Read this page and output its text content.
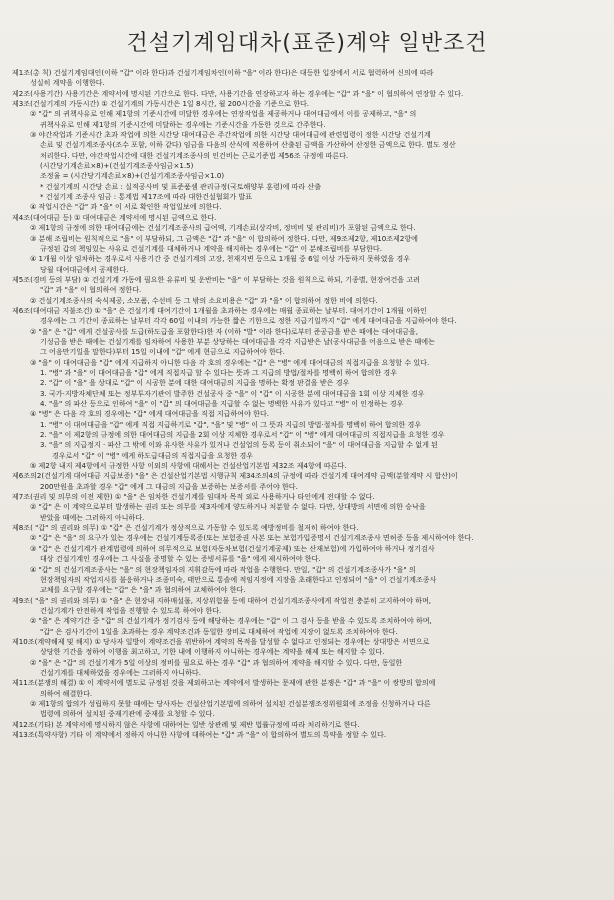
건설기계임대차(표준)계약 일반조건
제1조(총 칙) 건설기계임대인(이하 "갑" 이라 한다)과 건설기계임차인(이하 "을" 이라 한다)은 대등한 입장에서 서로 협력하여 신의에 따라
성실히 계약을 이행한다.
제2조(사용기간) 사용기간은 계약서에 명시된 기간으로 한다. 다만, 사용기간을 연장하고자 하는 경우에는 "갑" 과 "을" 이 협의하여 연장할 수 있다.
제3조(건설기계의 가동시간) ① 건설기계의 가동시간은 1일 8시간, 월 200시간을 기준으로 한다.
② "갑" 의 귀책사유로 인해 제1항의 기준시간에 미달한 경우에는 연장작업을 제공하거나 대여대금에서 이를 공제하고, "을" 의
귀책사유로 인해 제1항의 기준시간에 미달하는 경우에는 기준시간을 가동한 것으로 간주한다.
③ 야간작업과 기준시간 초과 작업에 의한 시간당 대여대금은 주간작업에 의한 시간당 대여대금에 관련법령이 정한 시간당 건설기계
손료 및 건설기계조종사(조수 포함, 이하 같다) 임금을 다음의 산식에 적용하여 산출된 금액을 가산하여 산정한 금액으로 한다. 별도 정산
처리한다. 다만, 야간작업시간에 대한 건설기계조종사의 인건비는 근로기준법 제56조 규정에 따른다.
(시간당기계손료×8)+(건설기계조종사임금×1.5)
조정율 = (시간당기계손료×8)+(건설기계조종사임금×1.0)
* 건설기계의 시간당 손료 : 실적공사비 및 표준품셈 관리규정(국토해양부 훈령)에 따라 산출
* 건설기계 조종사 임금 : 통계법 제17조에 따라 대한건설협회가 발표
④ 작업시간은 "갑" 과 "을" 이 서로 확인한 작업일보에 의한다.
제4조(대여대금 등) ① 대여대금은 계약서에 명시된 금액으로 한다.
② 제1항의 규정에 의한 대여대금에는 건설기계조종사의 급여액, 기계손료(상각비, 정비비 및 관리비)가 포함된 금액으로 한다.
③ 분해 조립비는 원칙적으로 "을" 이 부담하되, 그 금액은 "갑" 과 "을" 이 합의하여 정한다. 다만, 제9조제2항, 제10조제2항에
규정된 갑의 책임있는 사유로 건설기계를 대체하거나 계약을 해지하는 경우에는 "갑" 이 분해조립비를 부담한다.
④ 1개월 이상 임차하는 경우로서 사용기간 중 건설기계의 고장, 천재지변 등으로 1개월 중 6일 이상 가동하지 못하였을 경우
당월 대여대금에서 공제한다.
제5조(경비 등의 부담) ① 건설기계 가동에 필요한 유류비 및 운반비는 "을" 이 부담하는 것을 원칙으로 하되, 기종별, 현장여건을 고려
"갑" 과 "을" 이 협의하여 정한다.
② 건설기계조종사의 숙식제공, 소모품, 수선비 등 그 밖의 소요비용은 "갑" 과 "을" 이 합의하여 정한 비에 의한다.
제6조(대여대금 지불조건) ① "을" 은 건설기계 대여기간이 1개월을 초과하는 경우에는 매월 종료하는 날부터. 대여기간이 1개월 이하인
경우에는 그 기간이 종료하는 날부터 각각 60일 이내의 가능한 짧은 기한으로 정한 지급기일까지 "갑" 에게 대여대금을 지급하여야 한다.
② "을" 은 "갑" 에게 건설공사를 도급(하도급을 포함한다)한 자 (이하 "발" 이라 한다)로부터 준공금을 받은 때에는 대여대금을,
기성금을 받은 때에는 건설기계를 임차하여 사용한 부분 상당하는 대여대금을 각각 지급받은 날(공사대금을 어음으로 받은 때에는
그 어음만기일을 말한다)부터 15일 이내에 "갑" 에게 현금으로 지급하여야 한다.
③ "을" 이 대여대금을 "갑" 에게 지급하지 아니한 다음 각 호의 경우에는 "갑" 은 "병" 에게 대여대금의 직접지급을 요청할 수 있다.
1. "병" 과 "을" 이 대여대금을 "갑" 에게 직접지급 할 수 있다는 뜻과 그 지급의 방법/절차를 명백히 하여 합의한 경우
2. "갑" 이 "을" 을 상대로 "갑" 이 시공한 분에 대한 대여대금의 지급을 명하는 확정 판결을 받은 경우
3. 국가·지방자체단체 또는 정부투자기관이 발주한 건설공사 중 "을" 이 "갑" 이 시공한 분에 대여대금을 1회 이상 지체한 경우
4. "을" 의 파산 등으로 인하여 "을" 이 "갑" 의 대여대금을 지급할 수 없는 명백한 사유가 있다고 "병" 이 인정하는 경우
④ "병" 은 다음 각 호의 경우에는 "갑" 에게 대여대금을 직접 지급하여야 한다.
1. "병" 이 대여대금을 "갑" 에게 직접 지급하기로 "갑", "을" 및 "병" 이 그 뜻과 지급의 방법·절차를 명백히 하여 합의한 경우
2. "을" 이 제2항의 규정에 의한 대여대금의 지급을 2회 이상 지체한 경우로서 "갑" 이 "병" 에게 대여대금의 직접지급을 요청한 경우
3. "을" 의 지급정지 · 파산 그 밖에 이와 유사한 사유가 있거나 건설업의 등록 등이 취소되어 "을" 이 대여대금을 지급할 수 없게 된
경우로서 "갑" 이 "병" 에게 하도급대금의 직접지급을 요청한 경우
⑤ 제2항 내지 제4항에서 규정한 사항 이외의 사항에 대해서는 건설산업기본법 제32조 제4항에 따른다.
제6조의2(건설기계 대여대금 지급보증) "을" 은 건설산업기본법 시행규칙 제34조의4의 규정에 따라 건설기계 대여계약 금액(분할계약 시 합산)이
200만원을 초과할 경우 "갑" 에게 그 대금의 지급을 보증하는 보증서를 주어야 한다.
제7조(권리 및 의무의 이전 제한) ① "을" 은 임차한 건설기계를 임대차 목적 외로 사용하거나 타인에게 전대할 수 없다.
② "갑" 은 이 계약으로부터 발생하는 권리 또는 의무를 제3자에게 양도하거나 처분할 수 없다. 다만, 상대방의 서면에 의한 승낙을
받았을 때에는 그러하지 아니하다.
제8조( "갑" 의 권리와 의무) ① "갑" 은 건설기계가 정상적으로 가동할 수 있도록 예방정비를 철저히 하여야 한다.
② "갑" 은 "을" 의 요구가 있는 경우에는 건설기계등록증(또는 보험증권 사본 또는 보험가입증명서 건설기계조종사 면허증 등을 제시하여야 한다.
③ "갑" 은 건설기계가 관계법령에 의하여 의무적으로 보험(자동차보험(건설기계공제) 또는 산재보험)에 가입하여야 하거나 정기검사
대상 건설기계인 경우에는 그 사실을 증명할 수 있는 증빙서류를 "을" 에게 제시하여야 한다.
④ "갑" 의 건설기계조종사는 "을" 의 현장책임자의 지휘감독에 따라 작업을 수행한다. 만일, "갑" 의 건설기계조종사가 "을" 의
현장책임자의 작업지시를 불응하거나 조종미숙, 태만으로 통솔에 적임지정에 지장을 초래한다고 인정되어 "을" 이 건설기계조종사
교체를 요구할 경우에는 "갑" 은 "을" 과 협의하여 교체하여야 한다.
제9조( "을" 의 권리와 의무) ① "을" 은 현장내 지하매설물, 지상위험물 등에 대하여 건설기계조종사에게 작업전 충분히 고지하여야 하며,
건설기계가 안전하게 작업을 진행할 수 있도록 하여야 한다.
② "을" 은 계약기간 중 "갑" 의 건설기계가 정기검사 등에 해당하는 경우에는 "갑" 이 그 검사 등을 받을 수 있도록 조치하여야 하며,
"갑" 은 검사기간이 1일을 초과하는 경우 계약조건과 동일한 장비로 대체하여 작업에 지장이 없도록 조치하여야 한다.
제10조(계약해제 및 해지) ① 당사자 일방이 계약조건을 위반하여 계약의 목적을 달성할 수 없다고 인정되는 경우에는 상대방은 서면으로
상당한 기간을 정하여 이행을 최고하고, 기한 내에 이행하지 아니하는 경우에는 계약을 해제 또는 해지할 수 있다.
② "을" 은 "갑" 의 건설기계가 5일 이상의 정비를 필요로 하는 경우 "갑" 과 협의하여 계약을 해지할 수 있다. 다만, 동일한
건설기계를 대체하였을 경우에는 그러하지 아니하다.
제11조(분쟁의 해결) ① 이 계약서에 별도로 규정된 것을 제외하고는 계약에서 발생하는 문제에 관한 분쟁은 "갑" 과 "을" 이 쌍방의 합의에
의하여 해결한다.
② 제1항의 합의가 성립하지 못할 때에는 당사자는 건설산업기본법에 의하여 설치된 건설분쟁조정위원회에 조정을 신청하거나 다른
법령에 의하여 설치된 중재기관에 중재를 요청할 수 있다.
제12조(기타) 본 계약서에 명시하지 않은 사항에 대하여는 일반 상관례 및 제반 법률규정에 따라 처리하기로 한다.
제13조(특약사항) 기타 이 계약에서 정하지 아니한 사항에 대하여는 "갑" 과 "을" 이 합의하여 별도의 특약을 정할 수 있다.
